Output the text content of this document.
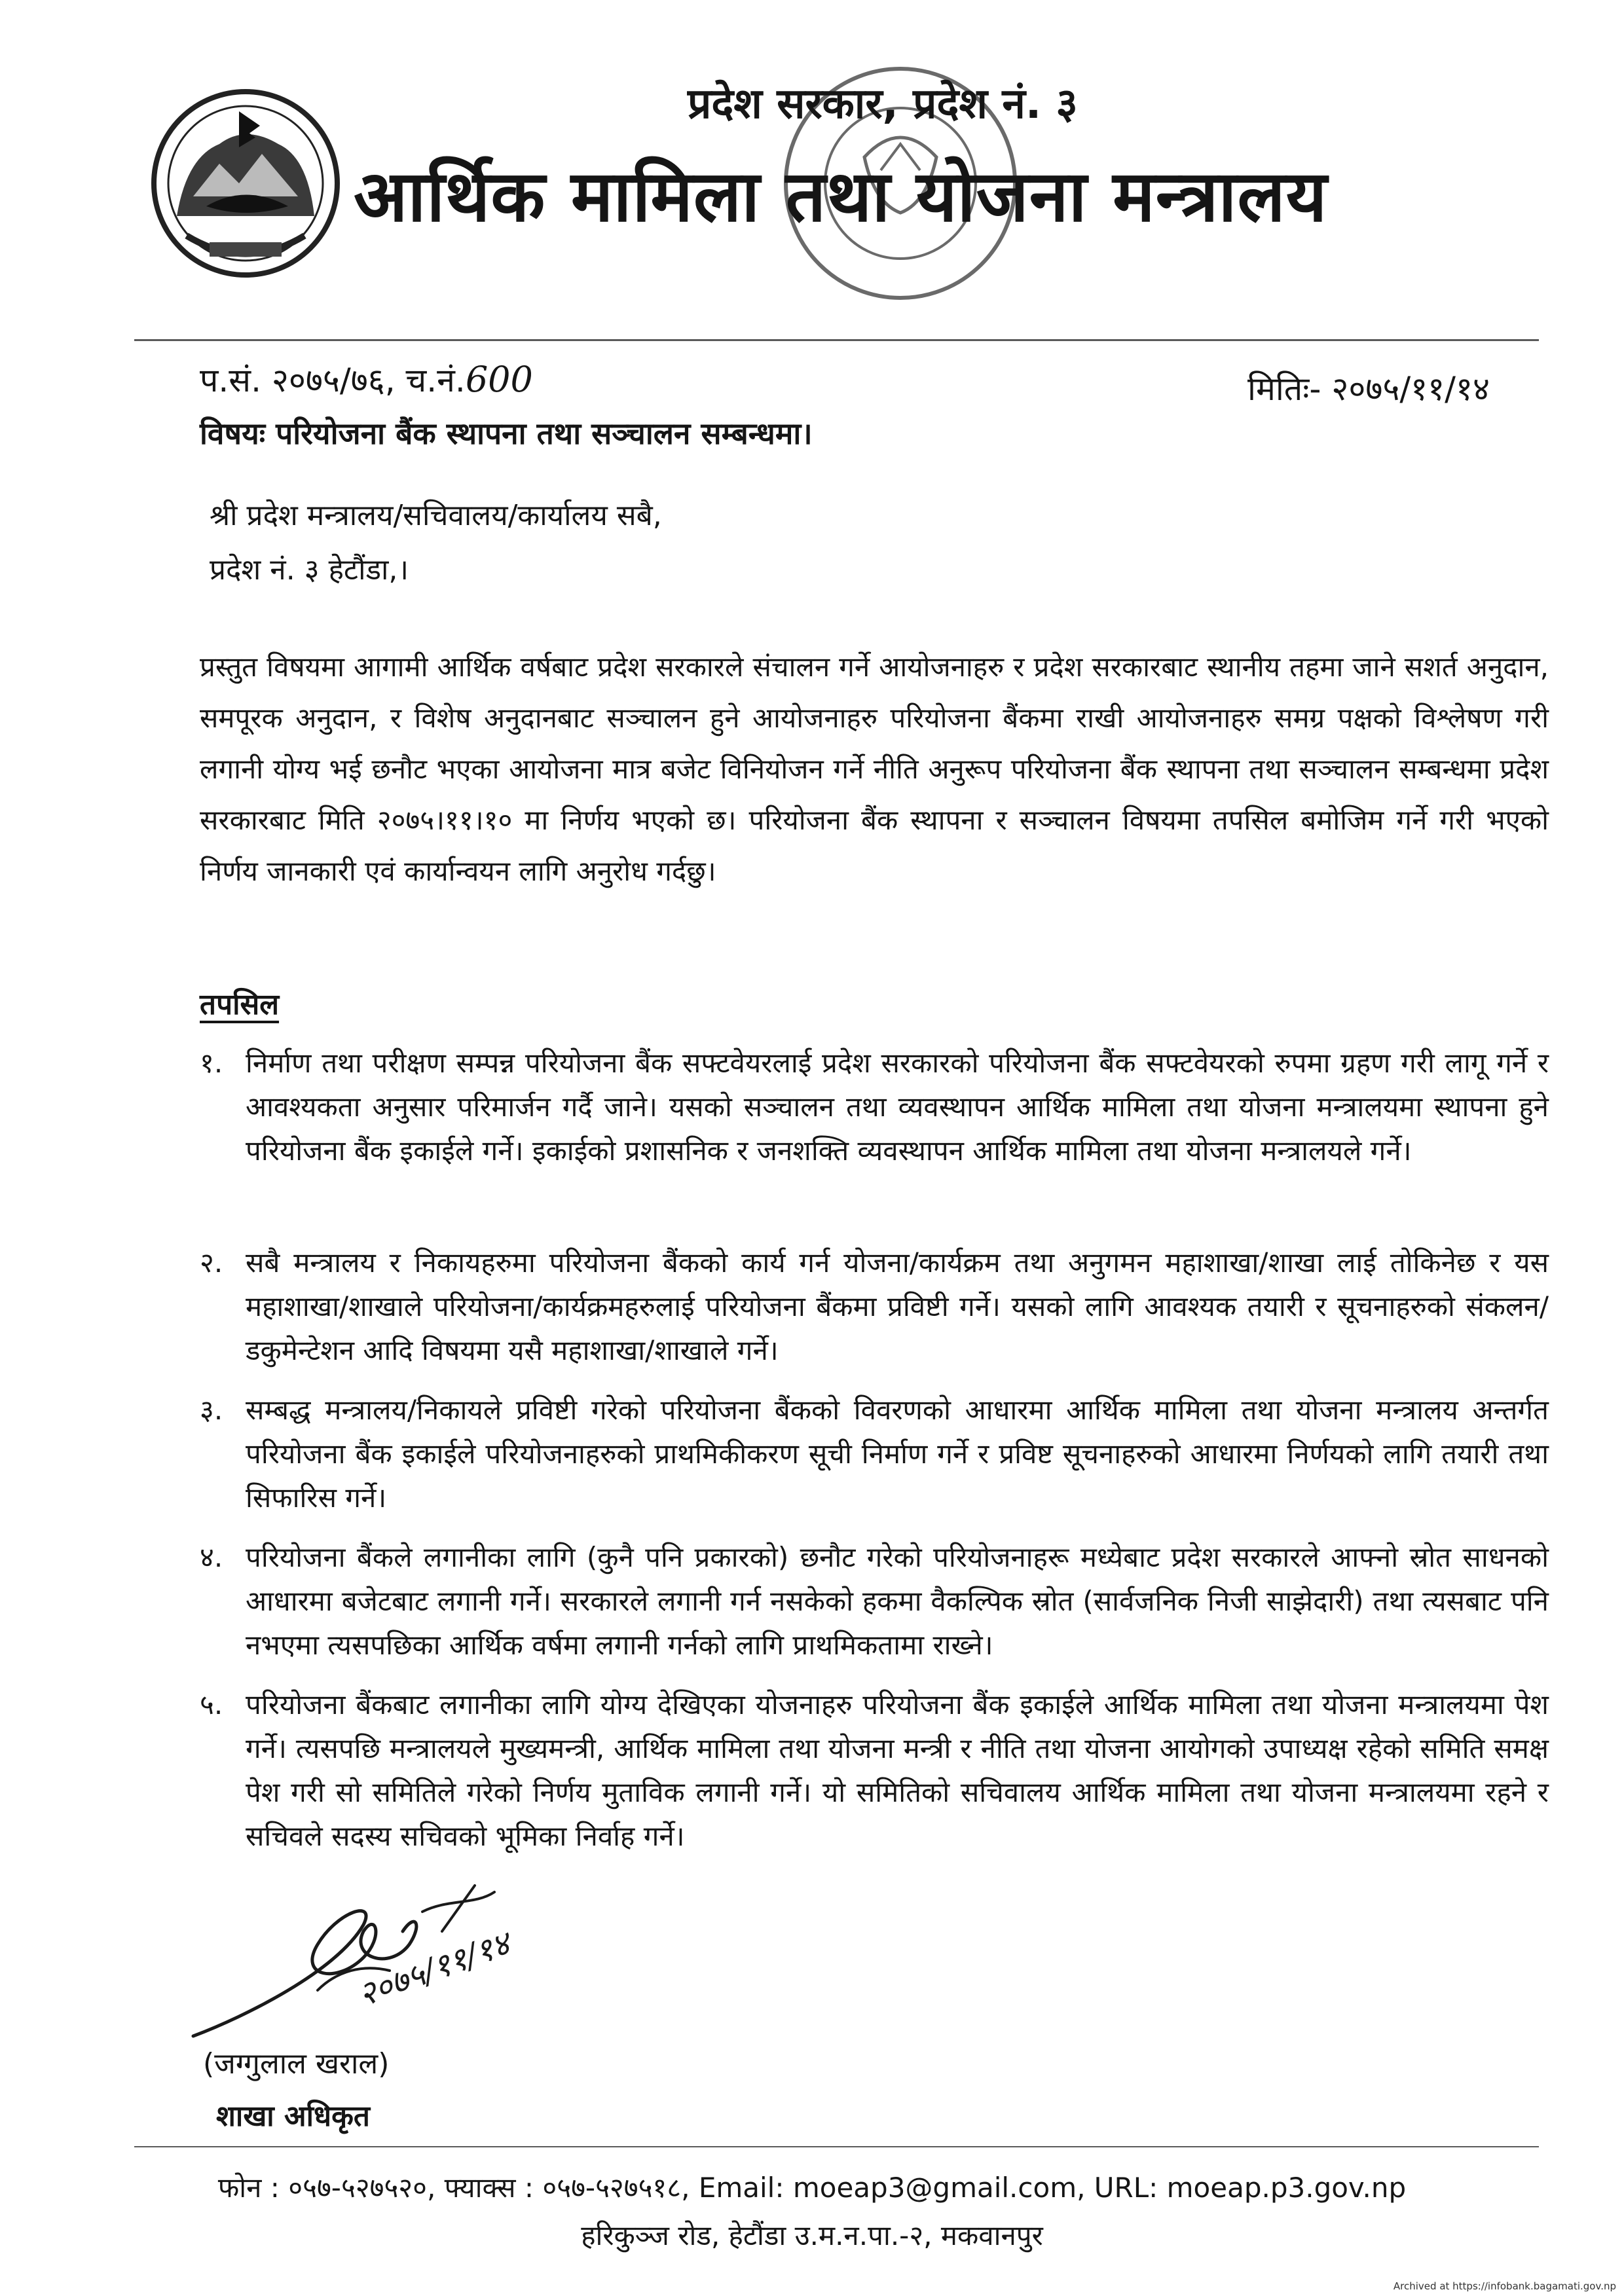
प्रदेश सरकार, प्रदेश नं. ३
आर्थिक मामिला तथा योजना मन्त्रालय
प.सं. २०७५/७६, च.नं.600	मितिः- २०७५/११/१४
विषयः परियोजना बैंक स्थापना तथा सञ्चालन सम्बन्धमा।
श्री प्रदेश मन्त्रालय/सचिवालय/कार्यालय सबै,
प्रदेश नं. ३ हेटौंडा,।
प्रस्तुत विषयमा आगामी आर्थिक वर्षबाट प्रदेश सरकारले संचालन गर्ने आयोजनाहरु र प्रदेश सरकारबाट स्थानीय तहमा जाने सशर्त अनुदान, समपूरक अनुदान, र विशेष अनुदानबाट सञ्चालन हुने आयोजनाहरु परियोजना बैंकमा राखी आयोजनाहरु समग्र पक्षको विश्लेषण गरी लगानी योग्य भई छनौट भएका आयोजना मात्र बजेट विनियोजन गर्ने नीति अनुरूप परियोजना बैंक स्थापना तथा सञ्चालन सम्बन्धमा प्रदेश सरकारबाट मिति २०७५।११।१० मा निर्णय भएको छ। परियोजना बैंक स्थापना र सञ्चालन विषयमा तपसिल बमोजिम गर्ने गरी भएको निर्णय जानकारी एवं कार्यान्वयन लागि अनुरोध गर्दछु।
तपसिल
१. निर्माण तथा परीक्षण सम्पन्न परियोजना बैंक सफ्टवेयरलाई प्रदेश सरकारको परियोजना बैंक सफ्टवेयरको रुपमा ग्रहण गरी लागू गर्ने र आवश्यकता अनुसार परिमार्जन गर्दै जाने। यसको सञ्चालन तथा व्यवस्थापन आर्थिक मामिला तथा योजना मन्त्रालयमा स्थापना हुने परियोजना बैंक इकाईले गर्ने। इकाईको प्रशासनिक र जनशक्ति व्यवस्थापन आर्थिक मामिला तथा योजना मन्त्रालयले गर्ने।
२. सबै मन्त्रालय र निकायहरुमा परियोजना बैंकको कार्य गर्न योजना/कार्यक्रम तथा अनुगमन महाशाखा/शाखा लाई तोकिनेछ र यस महाशाखा/शाखाले परियोजना/कार्यक्रमहरुलाई परियोजना बैंकमा प्रविष्टी गर्ने। यसको लागि आवश्यक तयारी र सूचनाहरुको संकलन/डकुमेन्टेशन आदि विषयमा यसै महाशाखा/शाखाले गर्ने।
३. सम्बद्ध मन्त्रालय/निकायले प्रविष्टी गरेको परियोजना बैंकको विवरणको आधारमा आर्थिक मामिला तथा योजना मन्त्रालय अन्तर्गत परियोजना बैंक इकाईले परियोजनाहरुको प्राथमिकीकरण सूची निर्माण गर्ने र प्रविष्ट सूचनाहरुको आधारमा निर्णयको लागि तयारी तथा सिफारिस गर्ने।
४. परियोजना बैंकले लगानीका लागि (कुनै पनि प्रकारको) छनौट गरेको परियोजनाहरू मध्येबाट प्रदेश सरकारले आफ्नो स्रोत साधनको आधारमा बजेटबाट लगानी गर्ने। सरकारले लगानी गर्न नसकेको हकमा वैकल्पिक स्रोत (सार्वजनिक निजी साझेदारी) तथा त्यसबाट पनि नभएमा त्यसपछिका आर्थिक वर्षमा लगानी गर्नको लागि प्राथमिकतामा राख्ने।
५. परियोजना बैंकबाट लगानीका लागि योग्य देखिएका योजनाहरु परियोजना बैंक इकाईले आर्थिक मामिला तथा योजना मन्त्रालयमा पेश गर्ने। त्यसपछि मन्त्रालयले मुख्यमन्त्री, आर्थिक मामिला तथा योजना मन्त्री र नीति तथा योजना आयोगको उपाध्यक्ष रहेको समिति समक्ष पेश गरी सो समितिले गरेको निर्णय मुताविक लगानी गर्ने। यो समितिको सचिवालय आर्थिक मामिला तथा योजना मन्त्रालयमा रहने र सचिवले सदस्य सचिवको भूमिका निर्वाह गर्ने।
२०७५/११/१४
(जग्गुलाल खराल)
शाखा अधिकृत
फोन : ०५७-५२७५२०, फ्याक्स : ०५७-५२७५१८, Email: moeap3@gmail.com, URL: moeap.p3.gov.np
हरिकुञ्ज रोड, हेटौंडा उ.म.न.पा.-२, मकवानपुर
Archived at https://infobank.bagamati.gov.np
